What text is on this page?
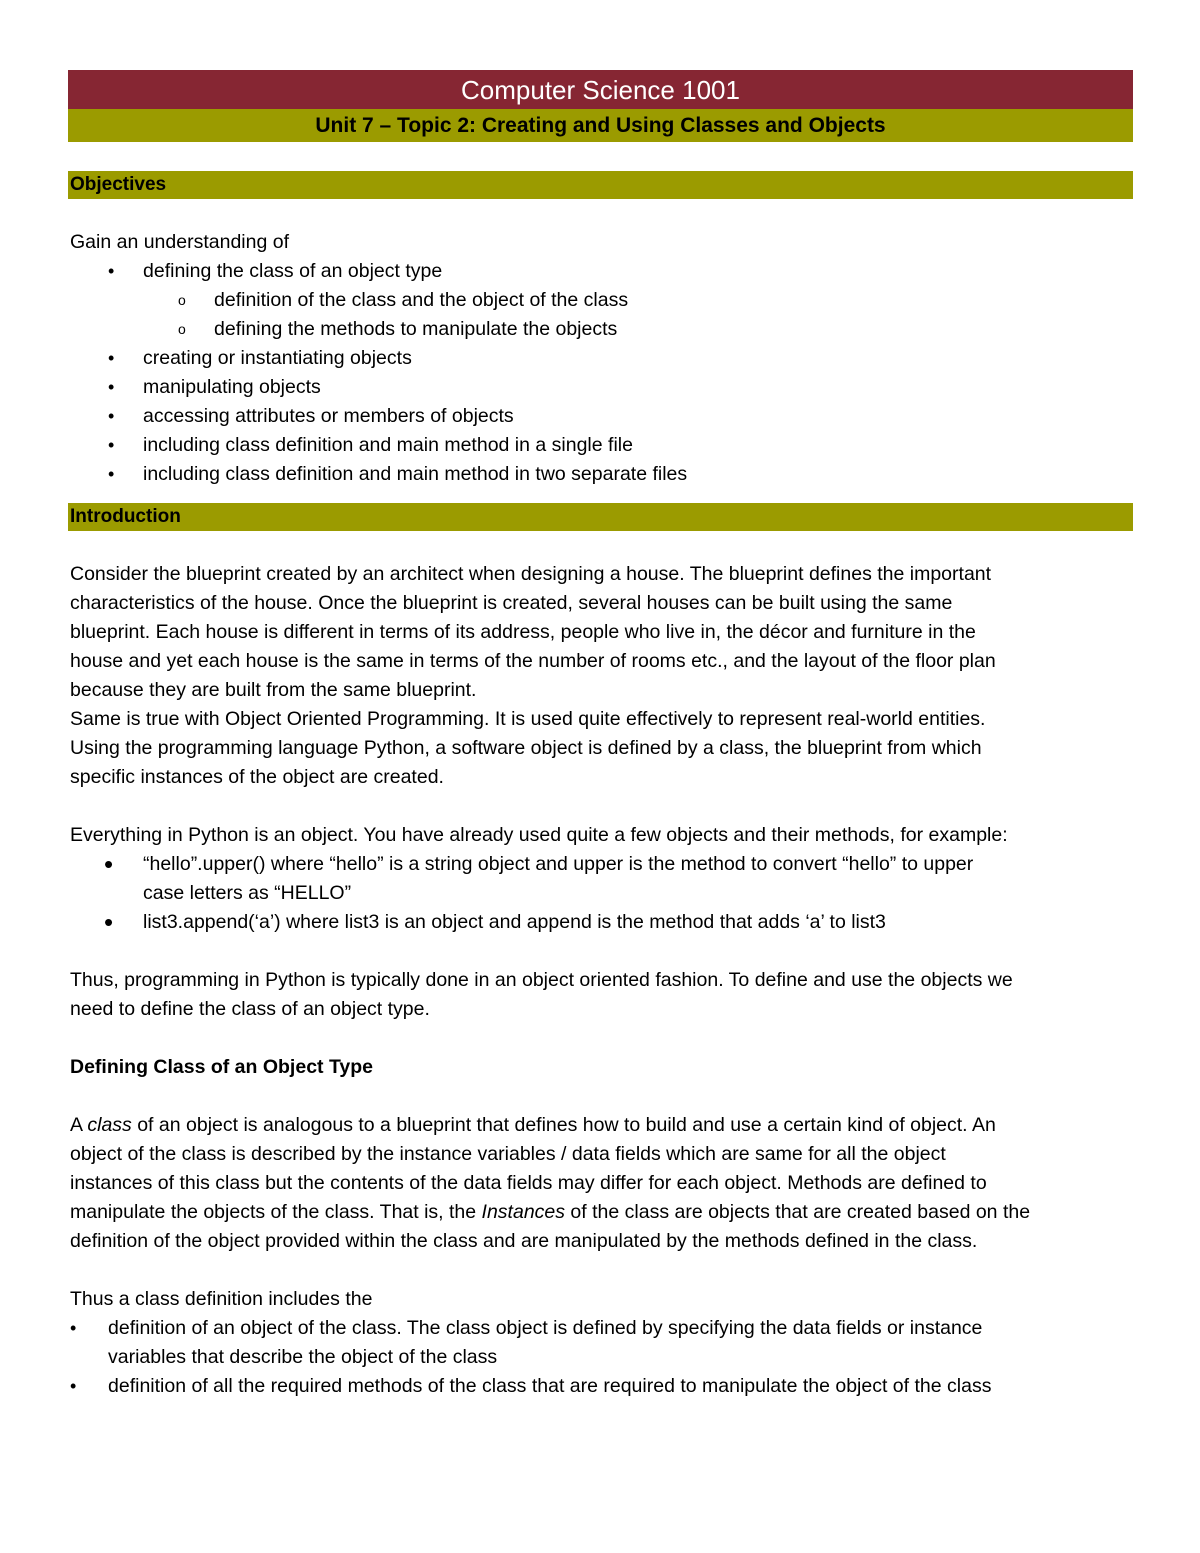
Computer Science 1001
Unit 7 – Topic 2: Creating and Using Classes and Objects
Objectives
Gain an understanding of
• defining the class of an object type
o definition of the class and the object of the class
o defining the methods to manipulate the objects
• creating or instantiating objects
• manipulating objects
• accessing attributes or members of objects
• including class definition and main method in a single file
• including class definition and main method in two separate files
Introduction
Consider the blueprint created by an architect when designing a house. The blueprint defines the important
characteristics of the house. Once the blueprint is created, several houses can be built using the same
blueprint. Each house is different in terms of its address, people who live in, the décor and furniture in the
house and yet each house is the same in terms of the number of rooms etc., and the layout of the floor plan
because they are built from the same blueprint.
Same is true with Object Oriented Programming. It is used quite effectively to represent real-world entities.
Using the programming language Python, a software object is defined by a class, the blueprint from which
specific instances of the object are created.
Everything in Python is an object. You have already used quite a few objects and their methods, for example:
• “hello”.upper() where “hello” is a string object and upper is the method to convert “hello” to upper
case letters as “HELLO”
• list3.append(‘a’) where list3 is an object and append is the method that adds ‘a’ to list3
Thus, programming in Python is typically done in an object oriented fashion. To define and use the objects we
need to define the class of an object type.
Defining Class of an Object Type
A class of an object is analogous to a blueprint that defines how to build and use a certain kind of object. An
object of the class is described by the instance variables / data fields which are same for all the object
instances of this class but the contents of the data fields may differ for each object. Methods are defined to
manipulate the objects of the class. That is, the Instances of the class are objects that are created based on the
definition of the object provided within the class and are manipulated by the methods defined in the class.
Thus a class definition includes the
• definition of an object of the class. The class object is defined by specifying the data fields or instance
variables that describe the object of the class
• definition of all the required methods of the class that are required to manipulate the object of the class
